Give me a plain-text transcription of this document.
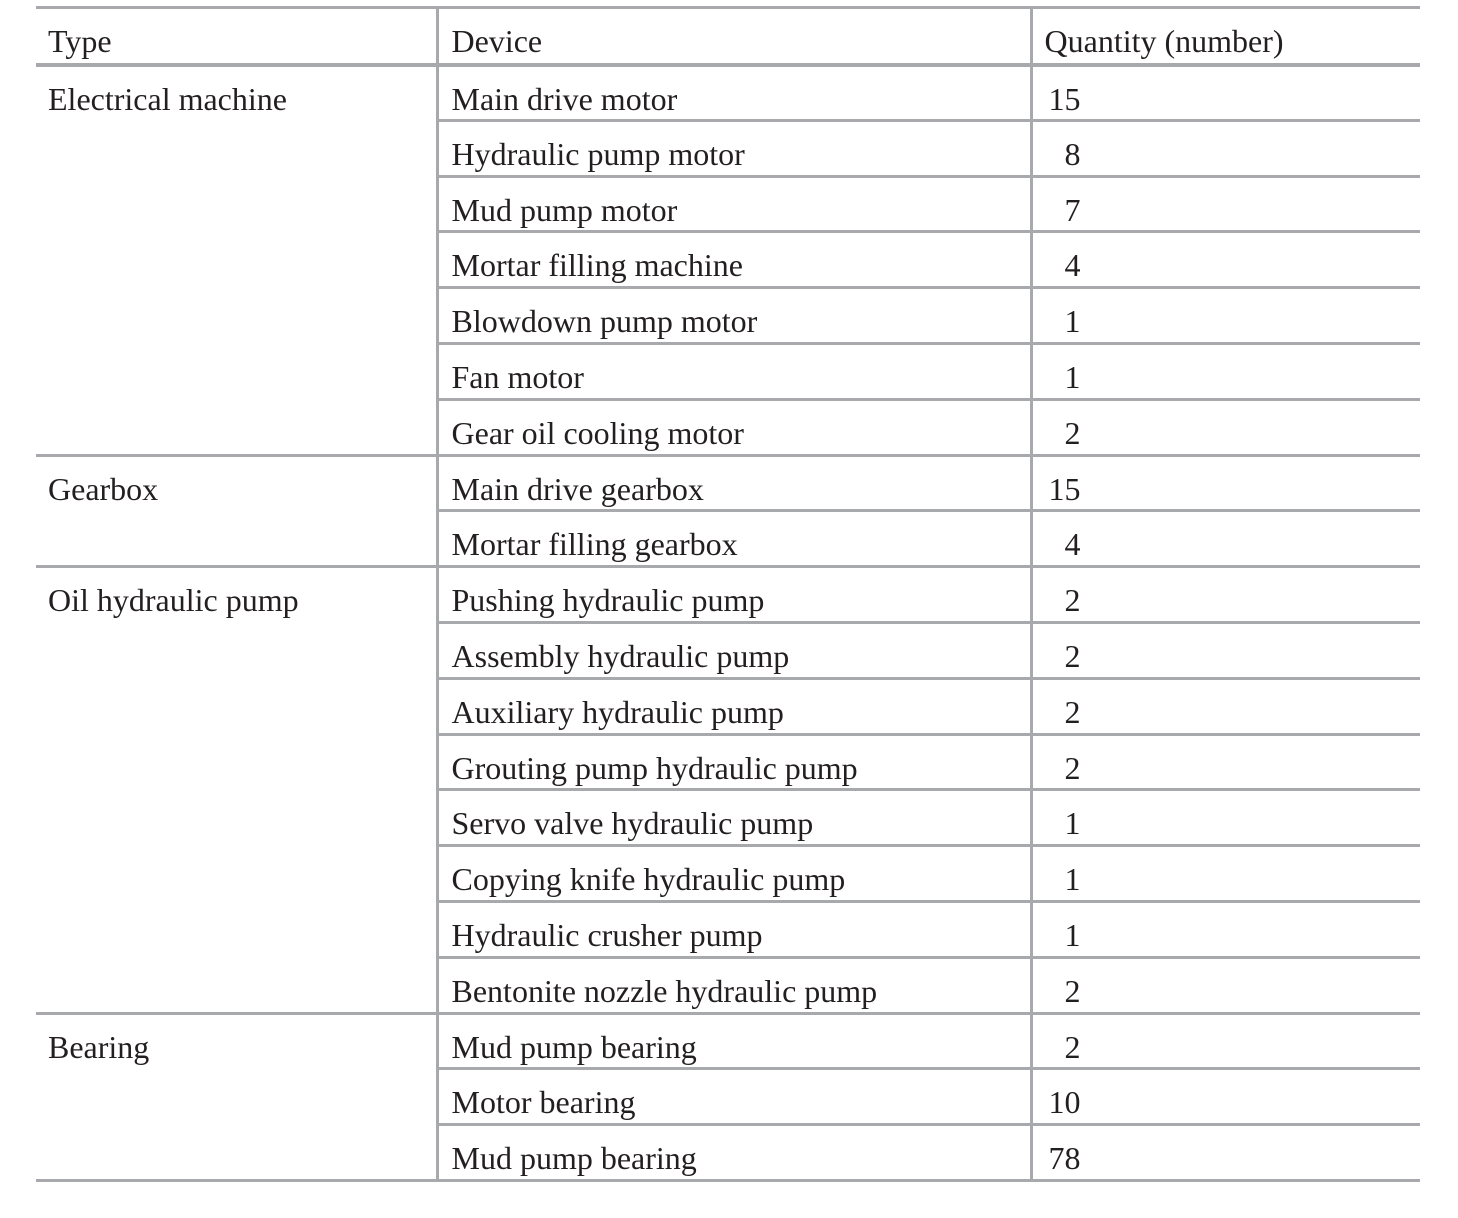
Type	Device	Quantity (number)
Electrical machine	Main drive motor	15
	Hydraulic pump motor	8
	Mud pump motor	7
	Mortar filling machine	4
	Blowdown pump motor	1
	Fan motor	1
	Gear oil cooling motor	2
Gearbox	Main drive gearbox	15
	Mortar filling gearbox	4
Oil hydraulic pump	Pushing hydraulic pump	2
	Assembly hydraulic pump	2
	Auxiliary hydraulic pump	2
	Grouting pump hydraulic pump	2
	Servo valve hydraulic pump	1
	Copying knife hydraulic pump	1
	Hydraulic crusher pump	1
	Bentonite nozzle hydraulic pump	2
Bearing	Mud pump bearing	2
	Motor bearing	10
	Mud pump bearing	78
